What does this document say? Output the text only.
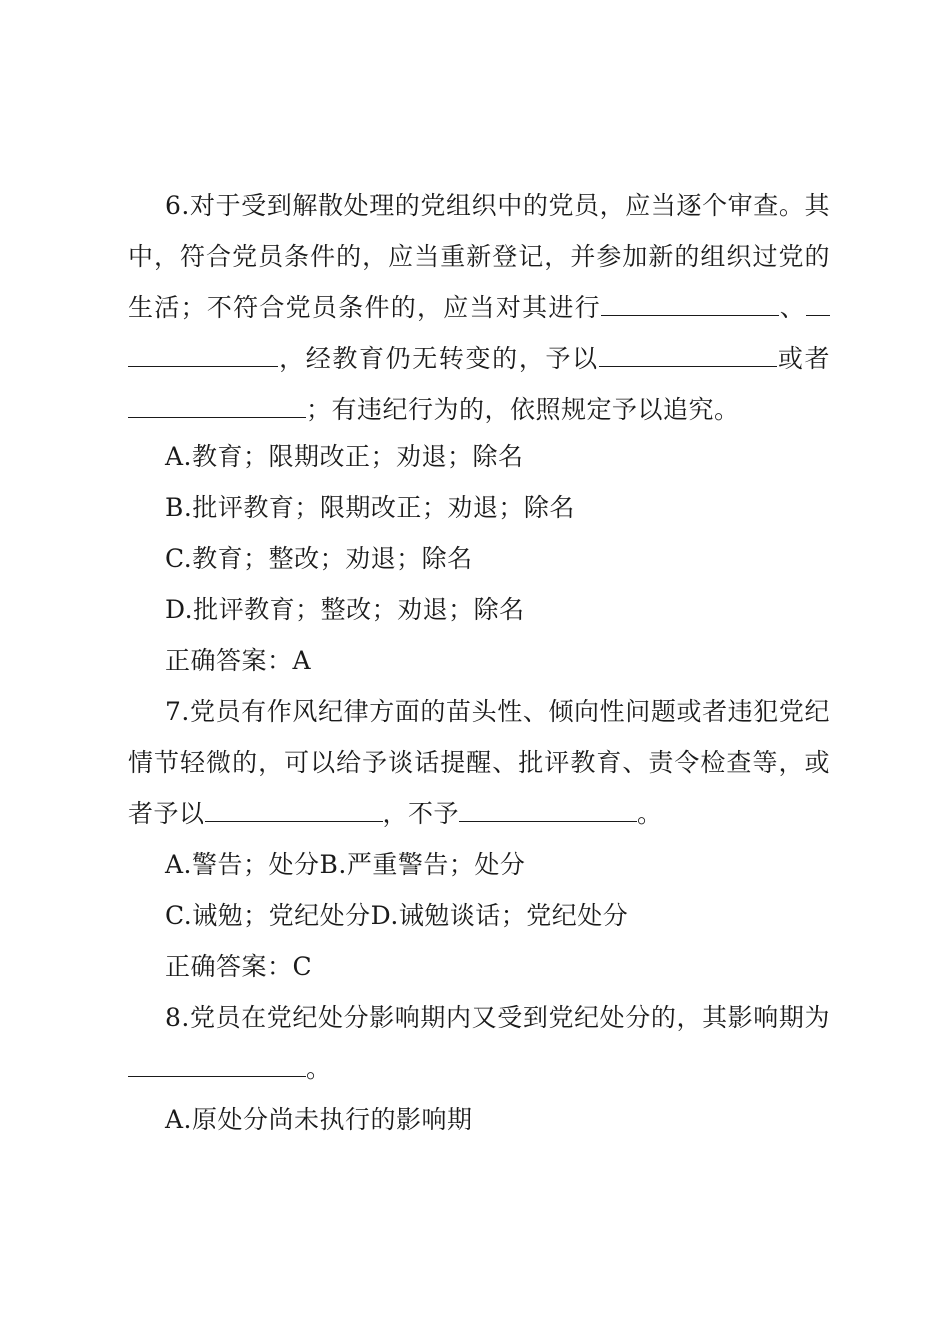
6.对于受到解散处理的党组织中的党员，应当逐个审查。其中，符合党员条件的，应当重新登记，并参加新的组织过党的生活；不符合党员条件的，应当对其进行	、，经教育仍无转变的，予以	或者；有违纪行为的，依照规定予以追究。

A.教育；限期改正；劝退；除名

B.批评教育；限期改正；劝退；除名

C.教育；整改；劝退；除名

D.批评教育；整改；劝退；除名

正确答案：A

7.党员有作风纪律方面的苗头性、倾向性问题或者违犯党纪情节轻微的，可以给予谈话提醒、批评教育、责令检查等，或者予以	，不予	。

A.警告；处分B.严重警告；处分

C.诫勉；党纪处分D.诫勉谈话；党纪处分

正确答案：C

8.党员在党纪处分影响期内又受到党纪处分的，其影响期为。

A.原处分尚未执行的影响期
